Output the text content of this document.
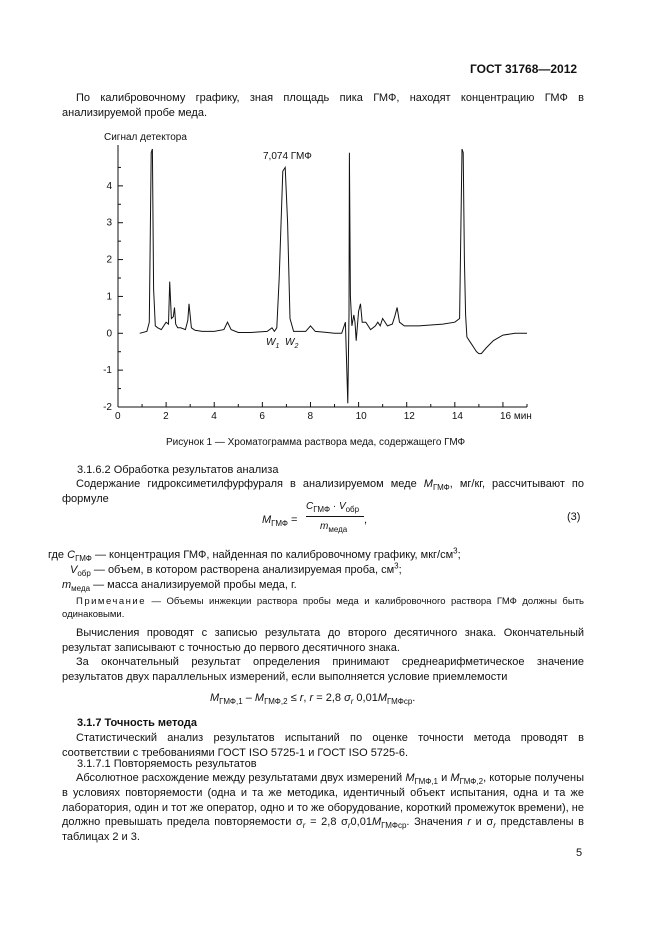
ГОСТ 31768—2012
По калибровочному графику, зная площадь пика ГМФ, находят концентрацию ГМФ в анализируемой пробе меда.
Сигнал детектора
0	2	4	6	8	10	12	14	16 мин
-2
-1
0
1
2
3
4
7,074 ГМФ
$W_1$ $W_2$
Рисунок 1 — Хроматограмма раствора меда, содержащего ГМФ
3.1.6.2 Обработка результатов анализа
Содержание гидроксиметилфурфураля в анализируемом меде $M_{ГМФ}$, мг/кг, рассчитывают по формуле
$M_{ГМФ}$ =
$C_{ГМФ} \cdot V_{обр}$
$m_{меда}$
,	(3)
где $C_{ГМФ}$ — концентрация ГМФ, найденная по калибровочному графику, мкг/$см^3$;
$V_{обр}$ — объем, в котором растворена анализируемая проба, $см^3$;
$m_{меда}$ — масса анализируемой пробы меда, г.
Примечание — Объемы инжекции раствора пробы меда и калибровочного раствора ГМФ должны быть одинаковыми.
Вычисления проводят с записью результата до второго десятичного знака. Окончательный результат записывают с точностью до первого десятичного знака.
За окончательный результат определения принимают среднеарифметическое значение результатов двух параллельных измерений, если выполняется условие приемлемости
$M_{ГМФ,1} - M_{ГМФ,2} \le r$, r = 2,8 $\sigma_r$ $0,01M_{ГМФср}$.
3.1.7 Точность метода
Статистический анализ результатов испытаний по оценке точности метода проводят в соответствии с требованиями ГОСТ ISO 5725-1 и ГОСТ ISO 5725-6.
3.1.7.1 Повторяемость результатов
Абсолютное расхождение между результатами двух измерений $M_{ГМФ,1}$ и $M_{ГМФ,2}$, которые получены в условиях повторяемости (одна и та же методика, идентичный объект испытания, одна и та же лаборатория, один и тот же оператор, одно и то же оборудование, короткий промежуток времени), не должно превышать предела повторяемости $\sigma_r = 2,8$ $\sigma_r0,01M_{ГМФср}$. Значения r и $\sigma_r$ представлены в таблицах 2 и 3.
5
